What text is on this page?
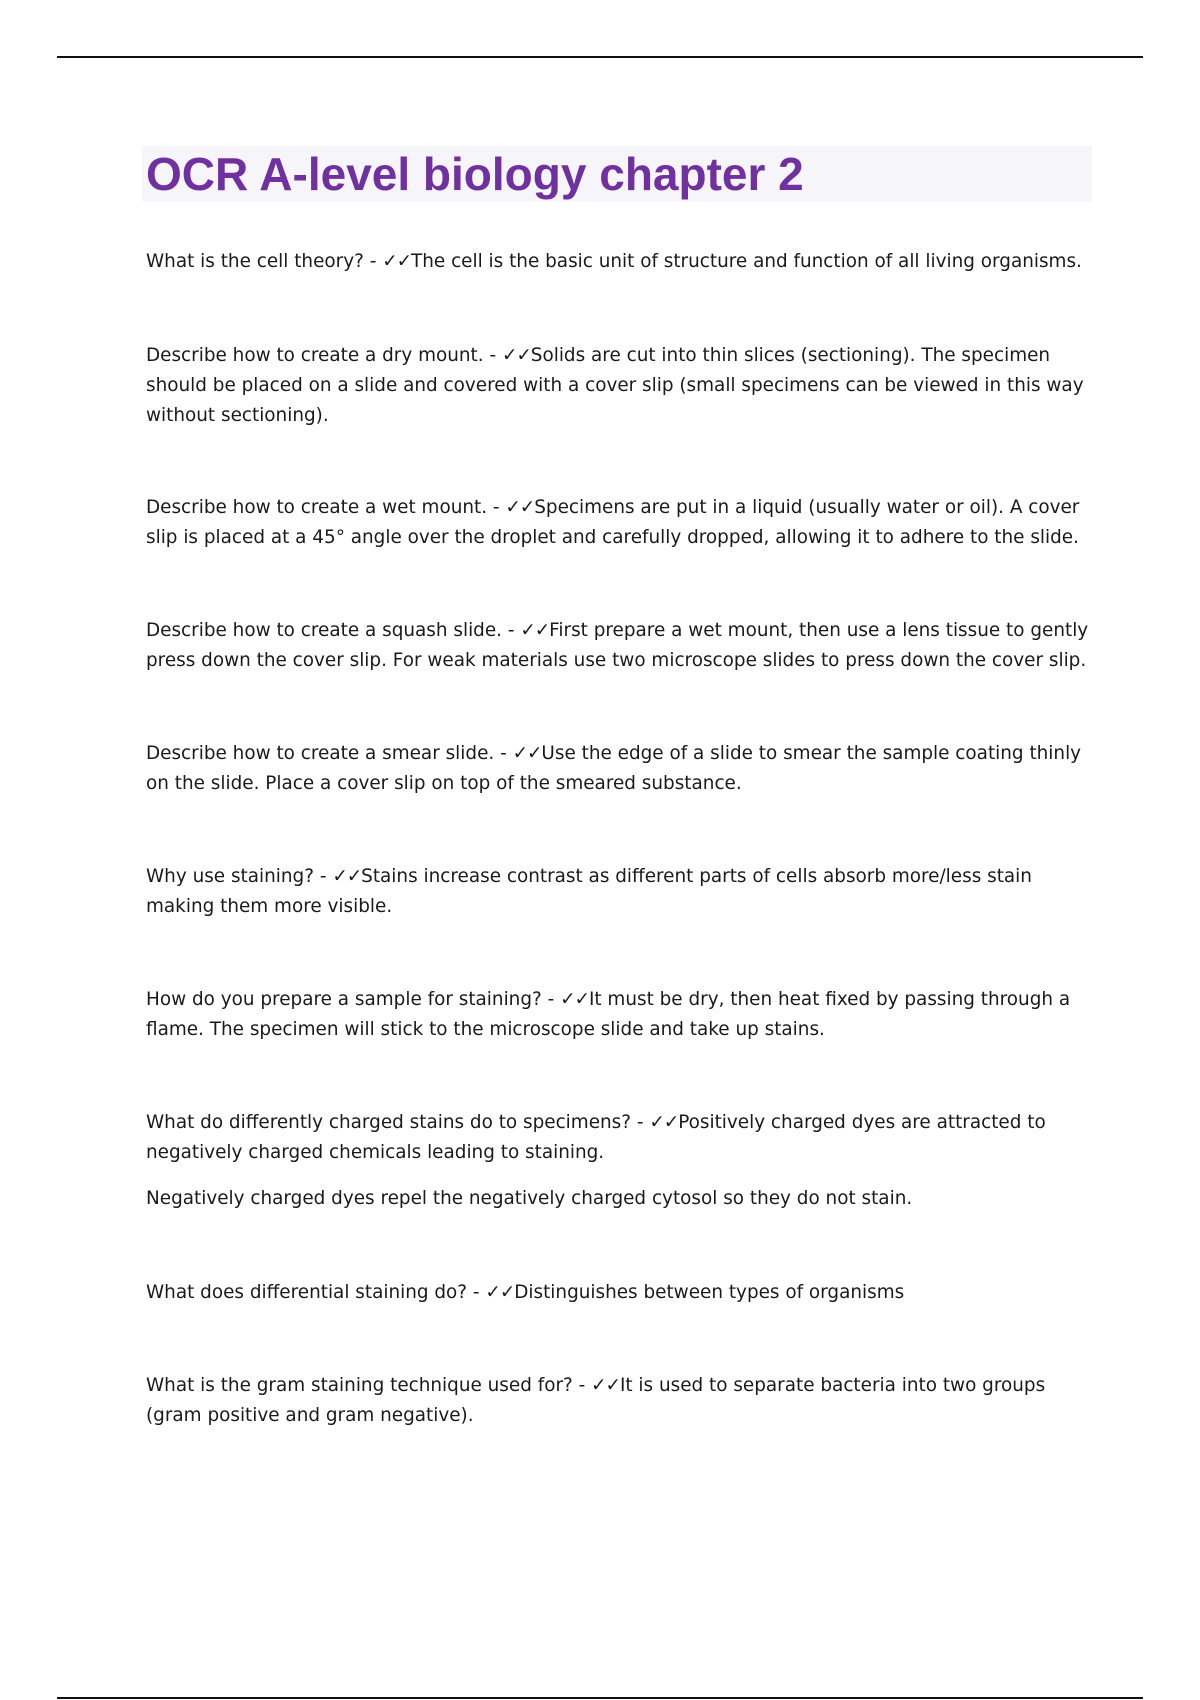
OCR A-level biology chapter 2

What is the cell theory? - ✓✓The cell is the basic unit of structure and function of all living organisms.

Describe how to create a dry mount. - ✓✓Solids are cut into thin slices (sectioning). The specimen should be placed on a slide and covered with a cover slip (small specimens can be viewed in this way without sectioning).

Describe how to create a wet mount. - ✓✓Specimens are put in a liquid (usually water or oil). A cover slip is placed at a 45° angle over the droplet and carefully dropped, allowing it to adhere to the slide.

Describe how to create a squash slide. - ✓✓First prepare a wet mount, then use a lens tissue to gently press down the cover slip. For weak materials use two microscope slides to press down the cover slip.

Describe how to create a smear slide. - ✓✓Use the edge of a slide to smear the sample coating thinly on the slide. Place a cover slip on top of the smeared substance.

Why use staining? - ✓✓Stains increase contrast as different parts of cells absorb more/less stain making them more visible.

How do you prepare a sample for staining? - ✓✓It must be dry, then heat fixed by passing through a flame. The specimen will stick to the microscope slide and take up stains.

What do differently charged stains do to specimens? - ✓✓Positively charged dyes are attracted to negatively charged chemicals leading to staining.

Negatively charged dyes repel the negatively charged cytosol so they do not stain.

What does differential staining do? - ✓✓Distinguishes between types of organisms

What is the gram staining technique used for? - ✓✓It is used to separate bacteria into two groups (gram positive and gram negative).
